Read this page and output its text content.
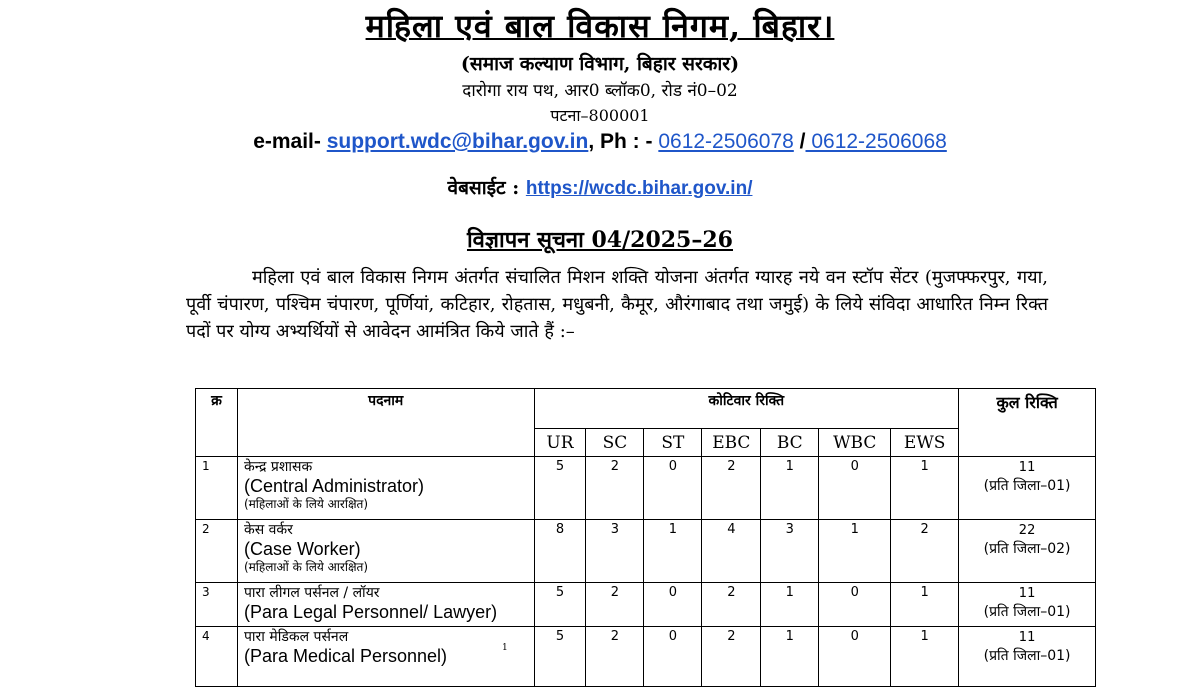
महिला एवं बाल विकास निगम, बिहार।
(समाज कल्याण विभाग, बिहार सरकार)
दारोगा राय पथ, आर0 ब्लॉक0, रोड नं0–02
पटना–800001
e-mail- support.wdc@bihar.gov.in, Ph : - 0612-2506078 / 0612-2506068
वेबसाईट : https://wcdc.bihar.gov.in/
विज्ञापन सूचना 04/2025–26
महिला एवं बाल विकास निगम अंतर्गत संचालित मिशन शक्ति योजना अंतर्गत ग्यारह नये वन स्टॉप सेंटर (मुजफ्फरपुर, गया, पूर्वी चंपारण, पश्चिम चंपारण, पूर्णियां, कटिहार, रोहतास, मधुबनी, कैमूर, औरंगाबाद तथा जमुई) के लिये संविदा आधारित निम्न रिक्त पदों पर योग्य अभ्यर्थियों से आवेदन आमंत्रित किये जाते हैं :–
क्र	पदनाम	कोटिवार रिक्ति							कुल रिक्ति
		UR	SC	ST	EBC	BC	WBC	EWS	
1	केन्द्र प्रशासक
(Central Administrator)
(महिलाओं के लिये आरक्षित)	5	2	0	2	1	0	1	11
(प्रति जिला–01)

2	केस वर्कर
(Case Worker)
(महिलाओं के लिये आरक्षित)	8	3	1	4	3	1	2	22
(प्रति जिला–02)

3	पारा लीगल पर्सनल / लॉयर
(Para Legal Personnel/ Lawyer)	5	2	0	2	1	0	1	11
(प्रति जिला–01)

4	पारा मेडिकल पर्सनल
(Para Medical Personnel)	5	2	0	2	1	0	1	11
(प्रति जिला–01)
1
